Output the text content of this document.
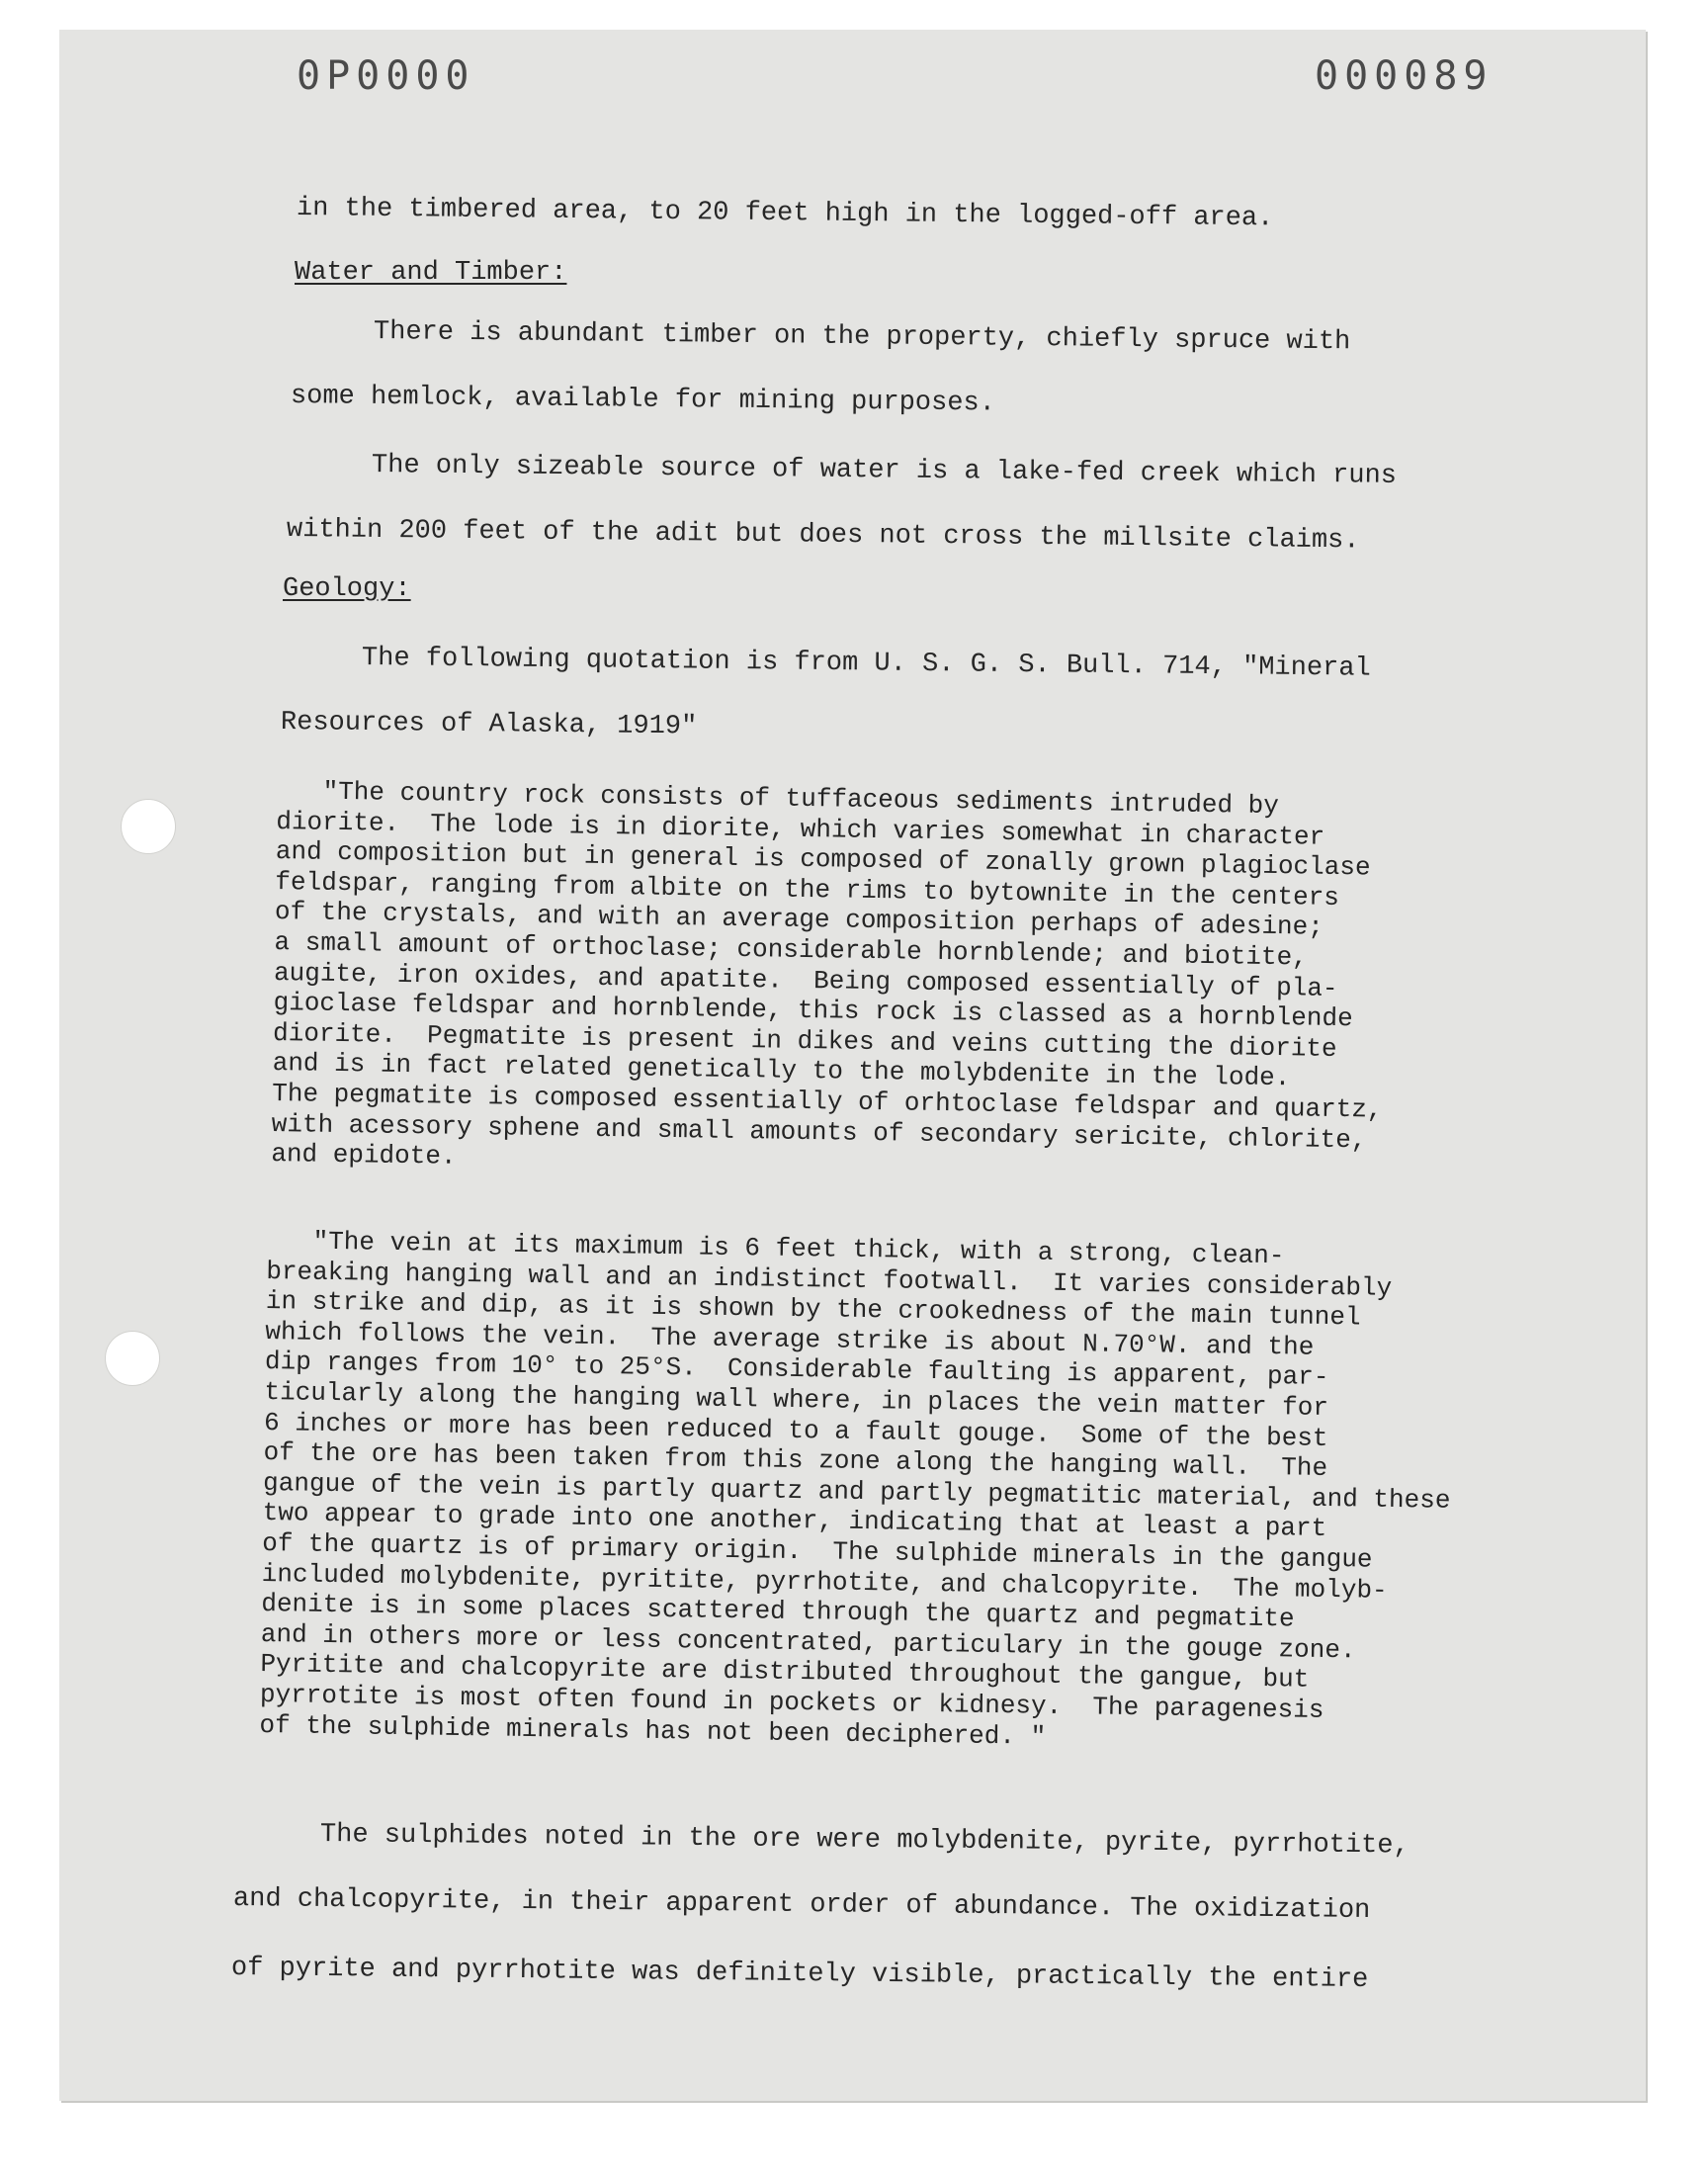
0P0000	000089
in the timbered area, to 20 feet high in the logged-off area.
Water and Timber:
There is abundant timber on the property, chiefly spruce with
some hemlock, available for mining purposes.
The only sizeable source of water is a lake-fed creek which runs
within 200 feet of the adit but does not cross the millsite claims.
Geology:
The following quotation is from U. S. G. S. Bull. 714, "Mineral
Resources of Alaska, 1919"
"The country rock consists of tuffaceous sediments intruded by
diorite.  The lode is in diorite, which varies somewhat in character
and composition but in general is composed of zonally grown plagioclase
feldspar, ranging from albite on the rims to bytownite in the centers
of the crystals, and with an average composition perhaps of adesine;
a small amount of orthoclase; considerable hornblende; and biotite,
augite, iron oxides, and apatite.  Being composed essentially of pla-
gioclase feldspar and hornblende, this rock is classed as a hornblende
diorite.  Pegmatite is present in dikes and veins cutting the diorite
and is in fact related genetically to the molybdenite in the lode.
The pegmatite is composed essentially of orhtoclase feldspar and quartz,
with acessory sphene and small amounts of secondary sericite, chlorite,
and epidote.
"The vein at its maximum is 6 feet thick, with a strong, clean-
breaking hanging wall and an indistinct footwall.  It varies considerably
in strike and dip, as it is shown by the crookedness of the main tunnel
which follows the vein.  The average strike is about N.70°W. and the
dip ranges from 10° to 25°S.  Considerable faulting is apparent, par-
ticularly along the hanging wall where, in places the vein matter for
6 inches or more has been reduced to a fault gouge.  Some of the best
of the ore has been taken from this zone along the hanging wall.  The
gangue of the vein is partly quartz and partly pegmatitic material, and these
two appear to grade into one another, indicating that at least a part
of the quartz is of primary origin.  The sulphide minerals in the gangue
included molybdenite, pyritite, pyrrhotite, and chalcopyrite.  The molyb-
denite is in some places scattered through the quartz and pegmatite
and in others more or less concentrated, particulary in the gouge zone.
Pyritite and chalcopyrite are distributed throughout the gangue, but
pyrrotite is most often found in pockets or kidnesy.  The paragenesis
of the sulphide minerals has not been deciphered. "
The sulphides noted in the ore were molybdenite, pyrite, pyrrhotite,
and chalcopyrite, in their apparent order of abundance. The oxidization
of pyrite and pyrrhotite was definitely visible, practically the entire
